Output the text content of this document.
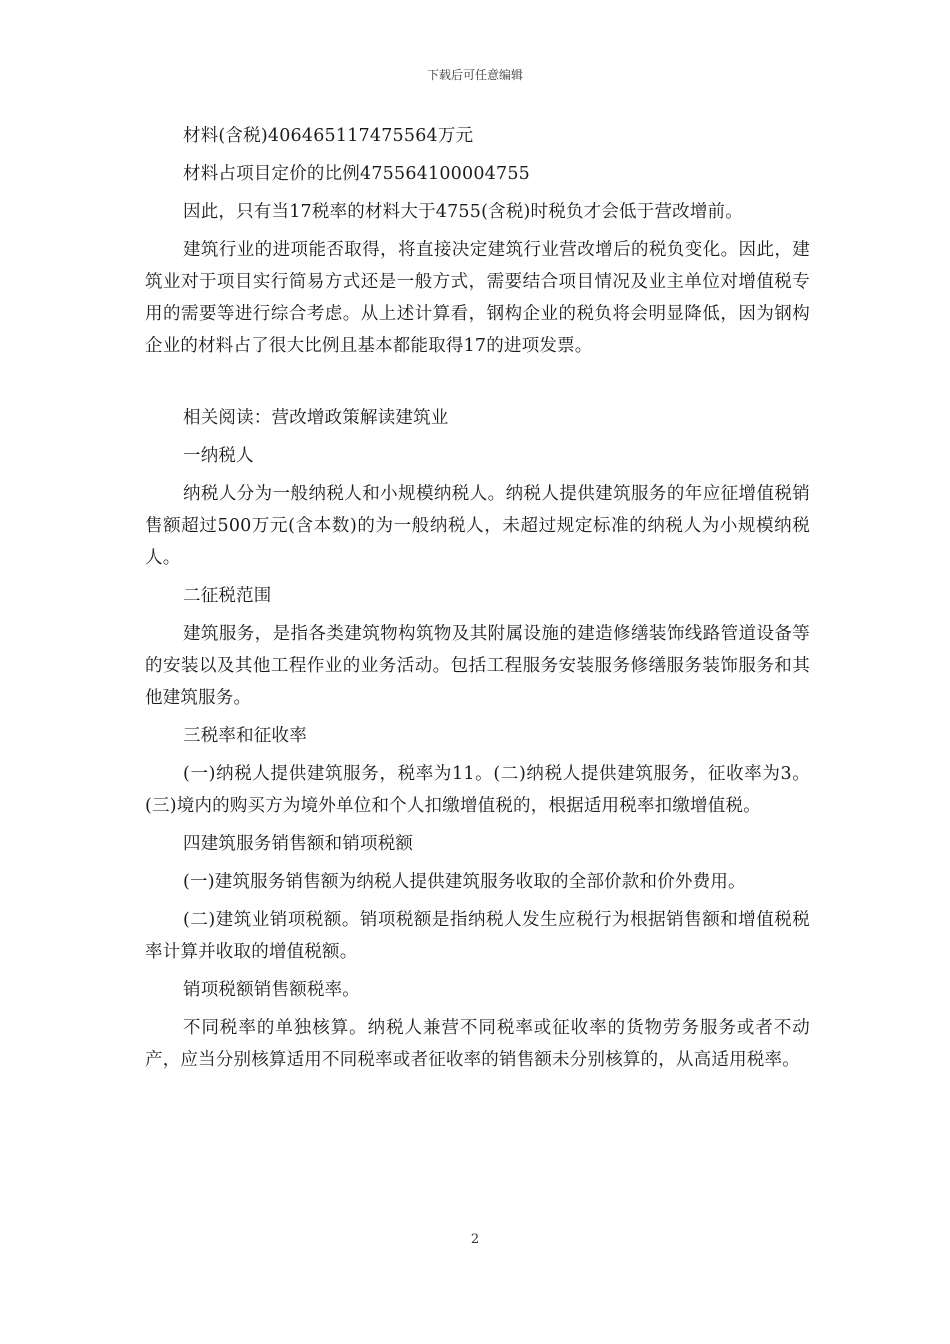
下载后可任意编辑

材料(含税)406465117475564万元

材料占项目定价的比例475564100004755

因此，只有当17税率的材料大于4755(含税)时税负才会低于营改增前。

建筑行业的进项能否取得，将直接决定建筑行业营改增后的税负变化。因此，建筑业对于项目实行简易方式还是一般方式，需要结合项目情况及业主单位对增值税专用的需要等进行综合考虑。从上述计算看，钢构企业的税负将会明显降低，因为钢构企业的材料占了很大比例且基本都能取得17的进项发票。

相关阅读：营改增政策解读建筑业

一纳税人

纳税人分为一般纳税人和小规模纳税人。纳税人提供建筑服务的年应征增值税销售额超过500万元(含本数)的为一般纳税人，未超过规定标准的纳税人为小规模纳税人。

二征税范围

建筑服务，是指各类建筑物构筑物及其附属设施的建造修缮装饰线路管道设备等的安装以及其他工程作业的业务活动。包括工程服务安装服务修缮服务装饰服务和其他建筑服务。

三税率和征收率

(一)纳税人提供建筑服务，税率为11。(二)纳税人提供建筑服务，征收率为3。(三)境内的购买方为境外单位和个人扣缴增值税的，根据适用税率扣缴增值税。

四建筑服务销售额和销项税额

(一)建筑服务销售额为纳税人提供建筑服务收取的全部价款和价外费用。

(二)建筑业销项税额。销项税额是指纳税人发生应税行为根据销售额和增值税税率计算并收取的增值税额。

销项税额销售额税率。

不同税率的单独核算。纳税人兼营不同税率或征收率的货物劳务服务或者不动产，应当分别核算适用不同税率或者征收率的销售额未分别核算的，从高适用税率。

2
